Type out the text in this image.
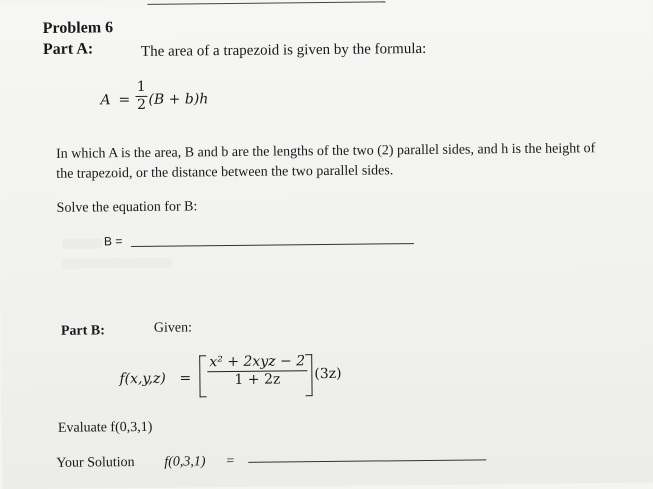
Problem 6
Part A:	The area of a trapezoid is given by the formula:
A =
1
2 (B + b)h
In which A is the area, B and b are the lengths of the two (2) parallel sides, and h is the height of
the trapezoid, or the distance between the two parallel sides.
Solve the equation for B:
B =
Part B:	Given:
f(x,y,z) =
x² + 2xyz − 2
1 + 2z	(3z)
Evaluate f(0,3,1)
Your Solution f(0,3,1) =
